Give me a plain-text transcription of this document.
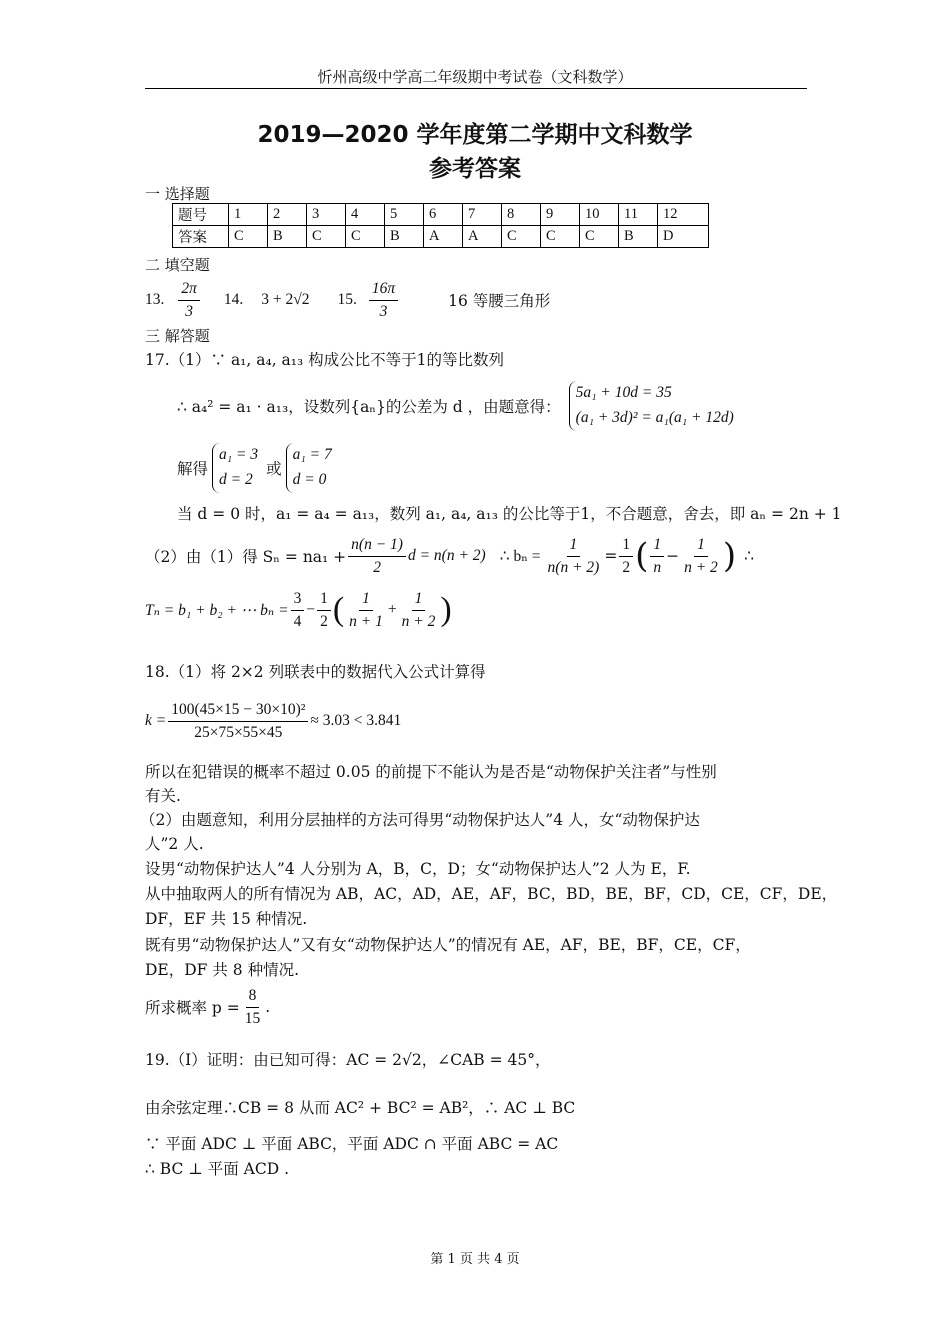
忻州高级中学高二年级期中考试卷（文科数学）
2019—2020 学年度第二学期中文科数学
参考答案
一 选择题
题号	1	2	3	4	5	6	7	8	9	10	11	12
答案	C	B	C	C	B	A	A	C	C	C	B	D
二 填空题
13. $\frac{2\pi}{3} 14$. 3 + 2√2 15. $\frac{16\pi}{3}$	16 等腰三角形
三 解答题
17.（1）∵ a₁, a₄, a₁₃ 构成公比不等于1的等比数列
∴ a₄² = a₁ · a₁₃，设数列{aₙ}的公差为 d ，由题意得：
5a₁ + 10d = 35
(a₁ + 3d)² = a₁(a₁ + 12d)
解得
a₁ = 3
d = 2
或
a₁ = 7
d = 0
当 d = 0 时，a₁ = a₄ = a₁₃，数列 a₁, a₄, a₁₃ 的公比等于1，不合题意，舍去，即 aₙ = 2n + 1
（2）由（1）得 $S_n = na_1 + \frac{n(n - 1)}{2}$ d = n(n + 2) ∴ $b_n = \frac{1}{n(n + 2)} = \frac{1}{2}$ ( $\frac{1}{n} - \frac{1}{n + 2}$ ) ∴
Tₙ = b₁ + b₂ + ⋯ $b_n = \frac{3}{4} - \frac{1}{2}$ ( $\frac{1}{n + 1} + \frac{1}{n + 2}$ )
18.（1）将 2×2 列联表中的数据代入公式计算得
$k = \frac{\text{100(45×15 − 30×10)²}}{25\times 75\times 55\times 45} \approx 3.03 < 3.841$
所以在犯错误的概率不超过 0.05 的前提下不能认为是否是“动物保护关注者”与性别
有关.
（2）由题意知，利用分层抽样的方法可得男“动物保护达人”4 人，女“动物保护达
人”2 人.
设男“动物保护达人”4 人分别为 A，B，C，D；女“动物保护达人”2 人为 E，F.
从中抽取两人的所有情况为 AB，AC，AD，AE，AF，BC，BD，BE，BF，CD，CE，CF，DE，
DF，EF 共 15 种情况.
既有男“动物保护达人”又有女“动物保护达人”的情况有 AE，AF，BE，BF，CE，CF，
DE，DF 共 8 种情况.
所求概率 $p = \frac{8}{15}$ .
19.（Ⅰ）证明：由已知可得：AC = 2√2，∠CAB = 45°，
由余弦定理∴CB = 8 从而 AC² + BC² = AB²，∴ AC ⊥ BC
∵ 平面 ADC ⊥ 平面 ABC，平面 ADC ∩ 平面 ABC = AC
∴ BC ⊥ 平面 ACD .
第 1 页 共 4 页
